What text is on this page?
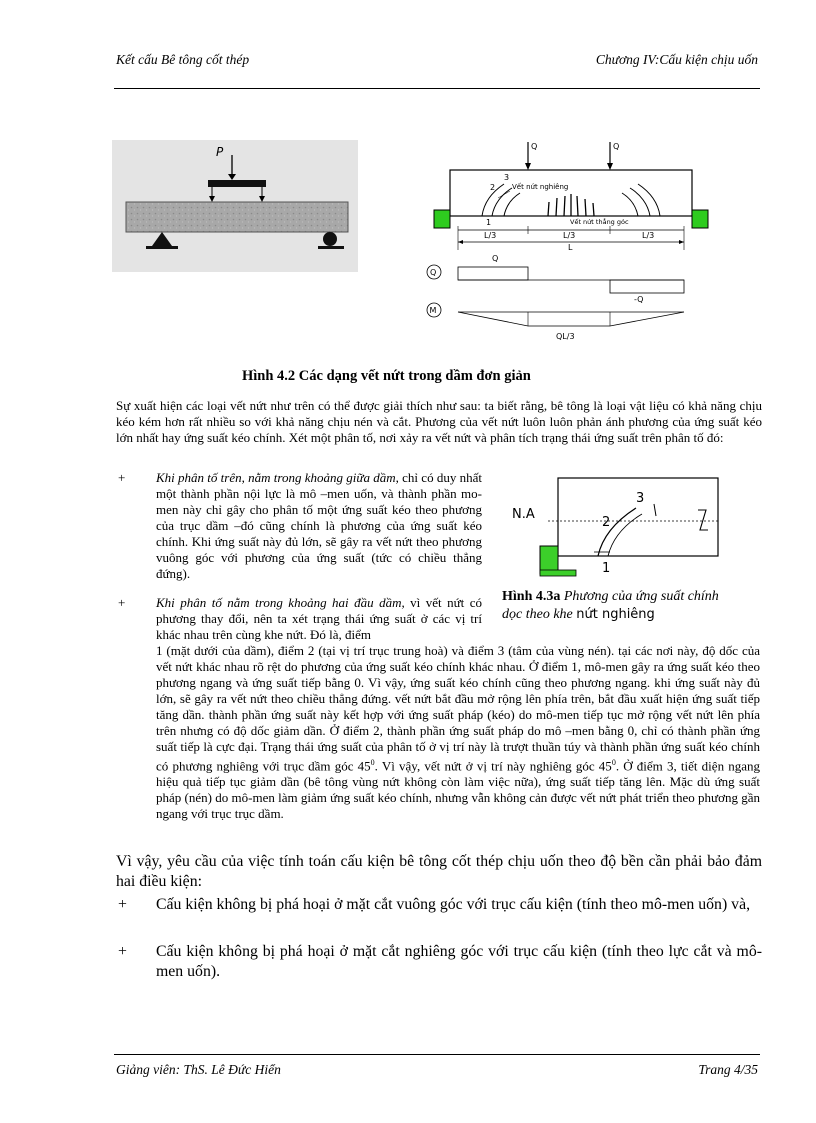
Kết cấu Bê tông cốt thép	Chương IV:Cấu kiện chịu uốn
P	Q	Q
3
2
1
Vết nứt nghiêng
Vết nứt thẳng góc
L/3	L/3	L/3
L
Q
Q
-Q
M
QL/3
Hình 4.2 Các dạng vết nứt trong dầm đơn giản
Sự xuất hiện các loại vết nứt như trên có thể được giải thích như sau: ta biết rằng, bê tông là loại vật liệu có khả năng chịu kéo kém hơn rất nhiều so với khả năng chịu nén và cắt. Phương của vết nứt luôn luôn phản ánh phương của ứng suất kéo lớn nhất hay ứng suất kéo chính. Xét một phân tố, nơi xảy ra vết nứt và phân tích trạng thái ứng suất trên phân tố đó:
+ Khi phân tố trên, nằm trong khoảng giữa dầm, chỉ có duy nhất một thành phần nội lực là mô –men uốn, và thành phần mo-men này chỉ gây cho phân tố một ứng suất kéo theo phương của trục dầm –đó cũng chính là phương của ứng suất kéo chính. Khi ứng suất này đủ lớn, sẽ gây ra vết nứt theo phương vuông góc với phương của ứng suất (tức có chiều thẳng đứng).
N.A
3
2
1
Hình 4.3a Phương của ứng suất chính dọc theo khe nứt nghiêng
+ Khi phân tố nằm trong khoảng hai đầu dầm, vì vết nứt có phương thay đổi, nên ta xét trạng thái ứng suất ở các vị trí khác nhau trên cùng khe nứt. Đó là, điểm
1 (mặt dưới của dầm), điểm 2 (tại vị trí trục trung hoà) và điểm 3 (tâm của vùng nén). tại các nơi này, độ dốc của vết nứt khác nhau rõ rệt do phương của ứng suất kéo chính khác nhau. Ở điểm 1, mô-men gây ra ứng suất kéo theo phương ngang và ứng suất tiếp bằng 0. Vì vậy, ứng suất kéo chính cũng theo phương ngang. khi ứng suất này đủ lớn, sẽ gây ra vết nứt theo chiều thẳng đứng. vết nứt bắt đầu mở rộng lên phía trên, bắt đầu xuất hiện ứng suất tiếp tăng dần. thành phần ứng suất này kết hợp với ứng suất pháp (kéo) do mô-men tiếp tục mở rộng vết nứt lên phía trên nhưng có độ dốc giảm dần. Ở điểm 2, thành phần ứng suất pháp do mô –men bằng 0, chỉ có thành phần ứng suất tiếp là cực đại. Trạng thái ứng suất của phân tố ở vị trí này là trượt thuần túy và thành phần ứng suất kéo chính có phương nghiêng với trục dầm góc $45^0$. Vì vậy, vết nứt ở vị trí này nghiêng góc $45^0$. Ở điểm 3, tiết diện ngang hiệu quả tiếp tục giảm dần (bê tông vùng nứt không còn làm việc nữa), ứng suất tiếp tăng lên. Mặc dù ứng suất pháp (nén) do mô-men làm giảm ứng suất kéo chính, nhưng vẫn không cản được vết nứt phát triển theo phương gần ngang với trục trục dầm.
Vì vậy, yêu cầu của việc tính toán cấu kiện bê tông cốt thép chịu uốn theo độ bền cần phải bảo đảm hai điều kiện:
+ Cấu kiện không bị phá hoại ở mặt cắt vuông góc với trục cấu kiện (tính theo mô-men uốn) và,
+ Cấu kiện không bị phá hoại ở mặt cắt nghiêng góc với trục cấu kiện (tính theo lực cắt và mô-men uốn).
Giảng viên: ThS. Lê Đức Hiển	Trang 4/35
